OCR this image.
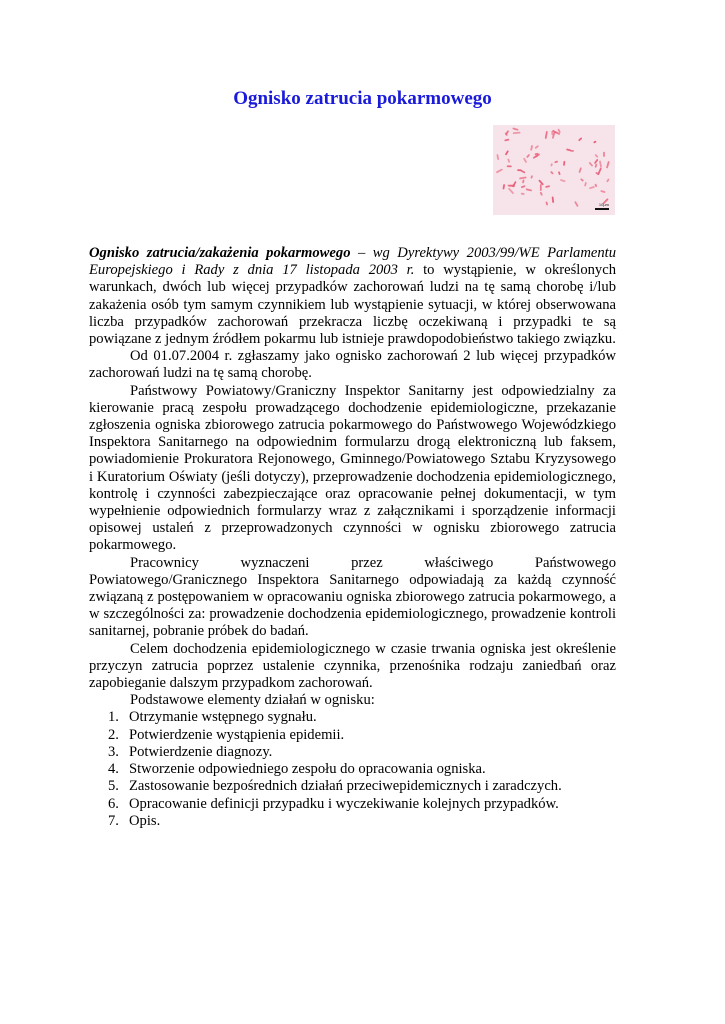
Ognisko zatrucia pokarmowego
10µm

Ognisko zatrucia/zakażenia pokarmowego – wg Dyrektywy 2003/99/WE Parlamentu Europejskiego i Rady z dnia 17 listopada 2003 r. to wystąpienie, w określonych warunkach, dwóch lub więcej przypadków zachorowań ludzi na tę samą chorobę i/lub zakażenia osób tym samym czynnikiem lub wystąpienie sytuacji, w której obserwowana liczba przypadków zachorowań przekracza liczbę oczekiwaną i przypadki te są powiązane z jednym źródłem pokarmu lub istnieje prawdopodobieństwo takiego związku.

Od 01.07.2004 r. zgłaszamy jako ognisko zachorowań 2 lub więcej przypadków zachorowań ludzi na tę samą chorobę.

Państwowy Powiatowy/Graniczny Inspektor Sanitarny jest odpowiedzialny za kierowanie pracą zespołu prowadzącego dochodzenie epidemiologiczne, przekazanie zgłoszenia ogniska zbiorowego zatrucia pokarmowego do Państwowego Wojewódzkiego Inspektora Sanitarnego na odpowiednim formularzu drogą elektroniczną lub faksem, powiadomienie Prokuratora Rejonowego, Gminnego/Powiatowego Sztabu Kryzysowego i Kuratorium Oświaty (jeśli dotyczy), przeprowadzenie dochodzenia epidemiologicznego, kontrolę i czynności zabezpieczające oraz opracowanie pełnej dokumentacji, w tym wypełnienie odpowiednich formularzy wraz z załącznikami i sporządzenie informacji opisowej ustaleń z przeprowadzonych czynności w ognisku zbiorowego zatrucia pokarmowego.

Pracownicy wyznaczeni przez właściwego Państwowego Powiatowego/Granicznego Inspektora Sanitarnego odpowiadają za każdą czynność związaną z postępowaniem w opracowaniu ogniska zbiorowego zatrucia pokarmowego, a w szczególności za: prowadzenie dochodzenia epidemiologicznego, prowadzenie kontroli sanitarnej, pobranie próbek do badań.

Celem dochodzenia epidemiologicznego w czasie trwania ogniska jest określenie przyczyn zatrucia poprzez ustalenie czynnika, przenośnika rodzaju zaniedbań oraz zapobieganie dalszym przypadkom zachorowań.

Podstawowe elementy działań w ognisku:

1. Otrzymanie wstępnego sygnału.
2. Potwierdzenie wystąpienia epidemii.
3. Potwierdzenie diagnozy.
4. Stworzenie odpowiedniego zespołu do opracowania ogniska.
5. Zastosowanie bezpośrednich działań przeciwepidemicznych i zaradczych.
6. Opracowanie definicji przypadku i wyczekiwanie kolejnych przypadków.
7. Opis.
